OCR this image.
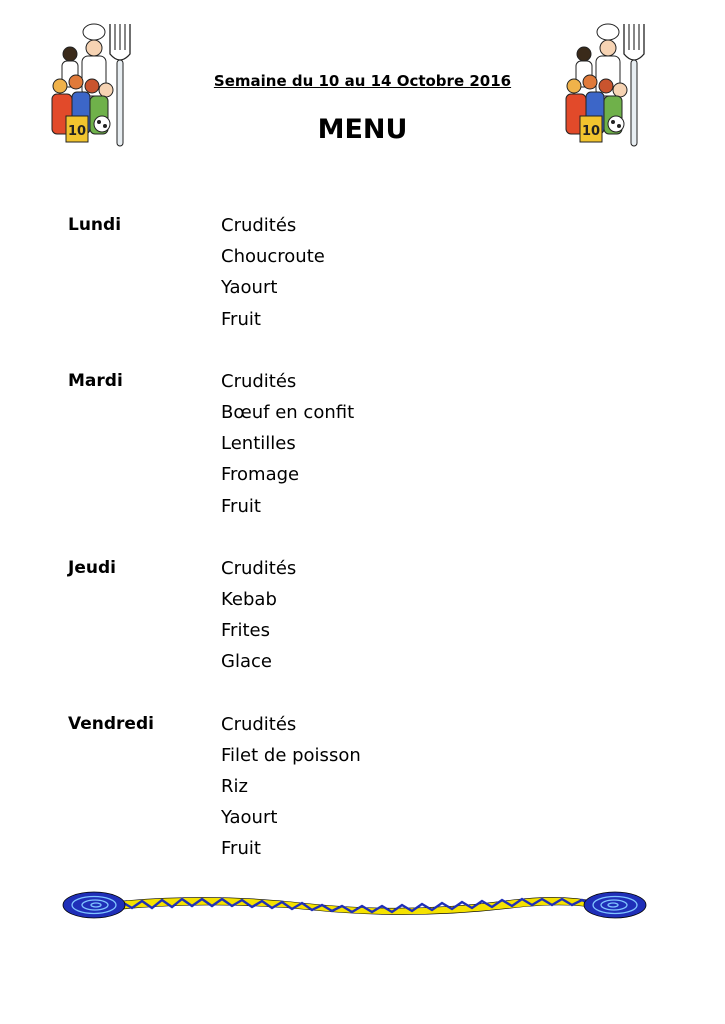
10	10
Semaine du 10 au 14 Octobre 2016
MENU
Lundi	Crudités
Choucroute
Yaourt
Fruit
Mardi	Crudités
Bœuf en confit
Lentilles
Fromage
Fruit
Jeudi	Crudités
Kebab
Frites
Glace
Vendredi	Crudités
Filet de poisson
Riz
Yaourt
Fruit
